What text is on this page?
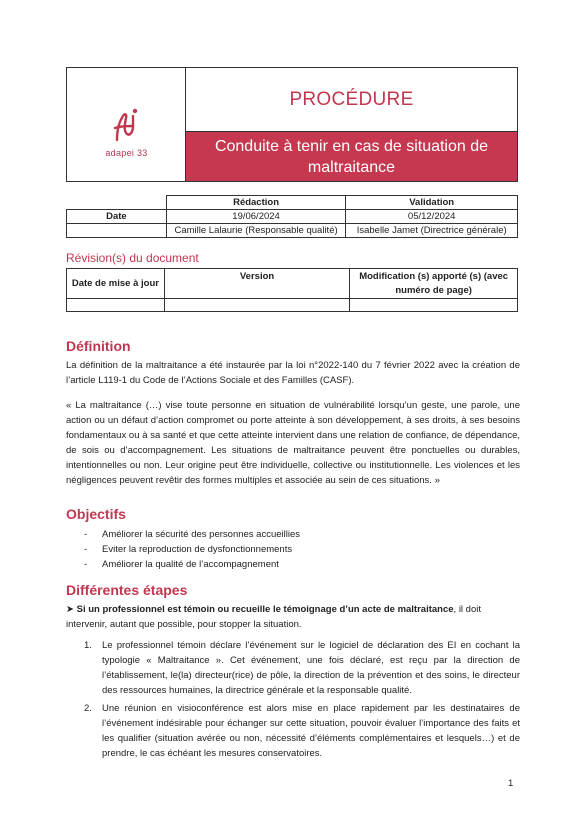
adapei 33
PROCÉDURE
Conduite à tenir en cas de situation de maltraitance
	Rédaction	Validation
Date	19/06/2024	05/12/2024
	Camille Lalaurie (Responsable qualité)	Isabelle Jamet (Directrice générale)
Révision(s) du document
Date de mise à jour	Version	Modification (s) apporté (s) (avec numéro de page)

Définition
La définition de la maltraitance a été instaurée par la loi n°2022-140 du 7 février 2022 avec la création de l’article L119-1 du Code de l’Actions Sociale et des Familles (CASF).
« La maltraitance (…) vise toute personne en situation de vulnérabilité lorsqu’un geste, une parole, une action ou un défaut d’action compromet ou porte atteinte à son développement, à ses droits, à ses besoins fondamentaux ou à sa santé et que cette atteinte intervient dans une relation de confiance, de dépendance, de sois ou d’accompagnement. Les situations de maltraitance peuvent être ponctuelles ou durables, intentionnelles ou non. Leur origine peut être individuelle, collective ou institutionnelle. Les violences et les négligences peuvent revêtir des formes multiples et associée au sein de ces situations. »
Objectifs
- Améliorer la sécurité des personnes accueillies
- Eviter la reproduction de dysfonctionnements
- Améliorer la qualité de l’accompagnement
Différentes étapes
➤ Si un professionnel est témoin ou recueille le témoignage d’un acte de maltraitance, il doit intervenir, autant que possible, pour stopper la situation.
1. Le professionnel témoin déclare l’événement sur le logiciel de déclaration des EI en cochant la typologie « Maltraitance ». Cet événement, une fois déclaré, est reçu par la direction de l’établissement, le(la) directeur(rice) de pôle, la direction de la prévention et des soins, le directeur des ressources humaines, la directrice générale et la responsable qualité.
2. Une réunion en visioconférence est alors mise en place rapidement par les destinataires de l’événement indésirable pour échanger sur cette situation, pouvoir évaluer l’importance des faits et les qualifier (situation avérée ou non, nécessité d’éléments complémentaires et lesquels…) et de prendre, le cas échéant les mesures conservatoires.
1
